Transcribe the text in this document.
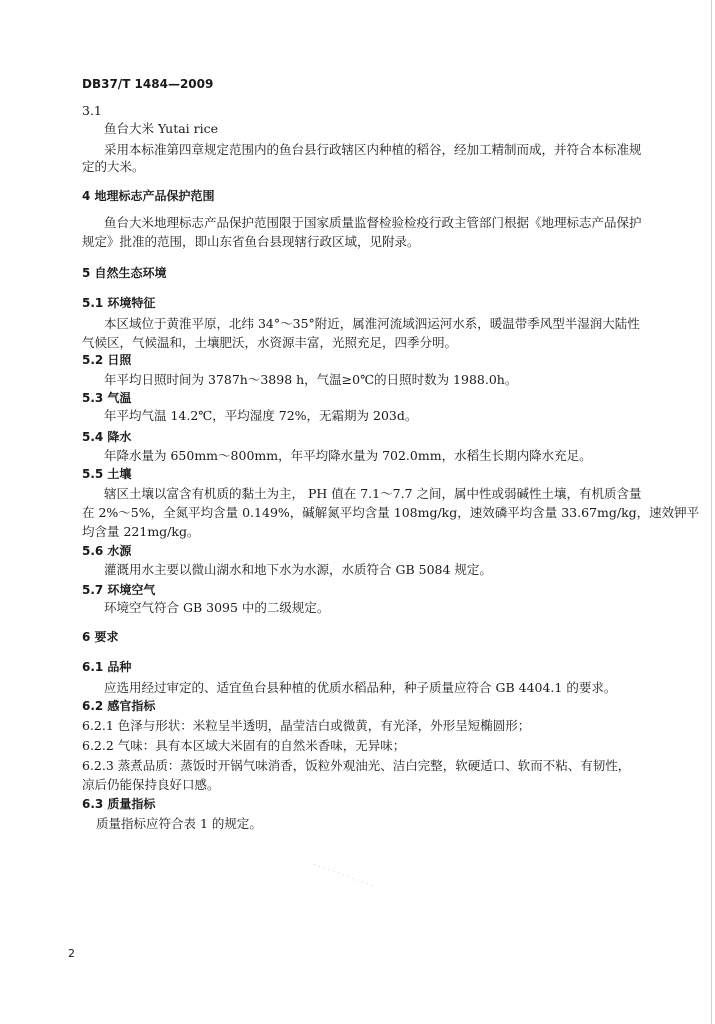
DB37/T 1484—2009

3.1

鱼台大米 Yutai rice

采用本标准第四章规定范围内的鱼台县行政辖区内种植的稻谷，经加工精制而成，并符合本标准规

定的大米。

4 地理标志产品保护范围

鱼台大米地理标志产品保护范围限于国家质量监督检验检疫行政主管部门根据《地理标志产品保护

规定》批准的范围，即山东省鱼台县现辖行政区域，见附录。

5 自然生态环境

5.1 环境特征

本区域位于黄淮平原，北纬 34°～35°附近，属淮河流域泗运河水系，暖温带季风型半湿润大陆性

气候区，气候温和，土壤肥沃，水资源丰富，光照充足，四季分明。

5.2 日照

年平均日照时间为 3787h～3898 h，气温≥0℃的日照时数为 1988.0h。

5.3 气温

年平均气温 14.2℃，平均湿度 72%，无霜期为 203d。

5.4 降水

年降水量为 650mm～800mm，年平均降水量为 702.0mm，水稻生长期内降水充足。

5.5 土壤

辖区土壤以富含有机质的黏土为主， PH 值在 7.1～7.7 之间，属中性或弱碱性土壤，有机质含量

在 2%～5%，全氮平均含量 0.149%，碱解氮平均含量 108mg/kg，速效磷平均含量 33.67mg/kg，速效钾平

均含量 221mg/kg。

5.6 水源

灌溉用水主要以微山湖水和地下水为水源，水质符合 GB 5084 规定。

5.7 环境空气

环境空气符合 GB 3095 中的二级规定。

6 要求

6.1 品种

应选用经过审定的、适宜鱼台县种植的优质水稻品种，种子质量应符合 GB 4404.1 的要求。

6.2 感官指标

6.2.1 色泽与形状：米粒呈半透明，晶莹洁白或微黄，有光泽，外形呈短椭圆形；

6.2.2 气味：具有本区域大米固有的自然米香味，无异味；

6.2.3 蒸煮品质：蒸饭时开锅气味消香，饭粒外观油光、洁白完整，软硬适口、软而不粘、有韧性，

凉后仍能保持良好口感。

6.3 质量指标

质量指标应符合表 1 的规定。

· · · · · · · · · · · · ·

2
